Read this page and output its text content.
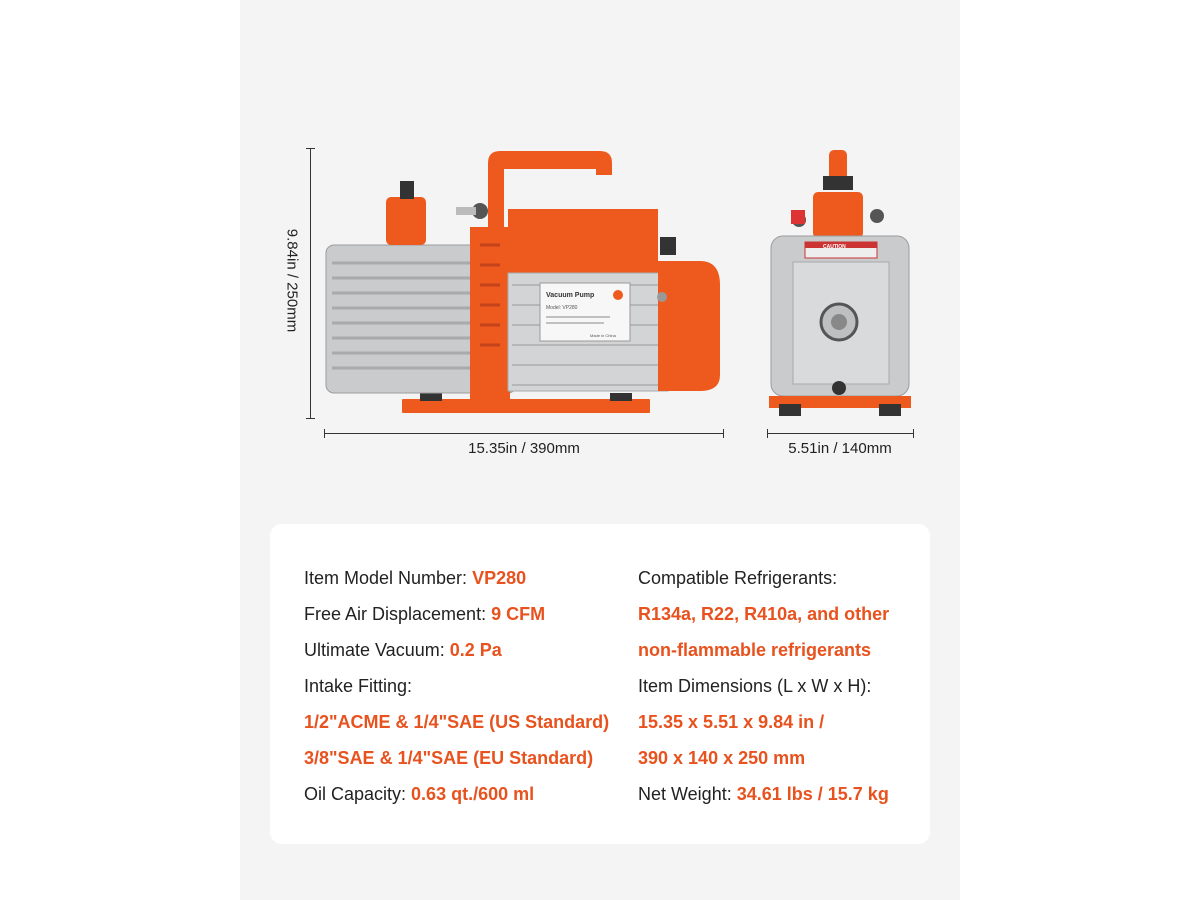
9.84in / 250mm	Vacuum Pump
Model: VP280
Made in China
15.35in / 390mm
CAUTION
5.51in / 140mm
Item Model Number: VP280
Free Air Displacement: 9 CFM
Ultimate Vacuum: 0.2 Pa
Intake Fitting:
1/2"ACME & 1/4"SAE (US Standard)
3/8"SAE & 1/4"SAE (EU Standard)
Oil Capacity: 0.63 qt./600 ml
Compatible Refrigerants:
R134a, R22, R410a, and other
non-flammable refrigerants
Item Dimensions (L x W x H):
15.35 x 5.51 x 9.84 in /
390 x 140 x 250 mm
Net Weight: 34.61 lbs / 15.7 kg
